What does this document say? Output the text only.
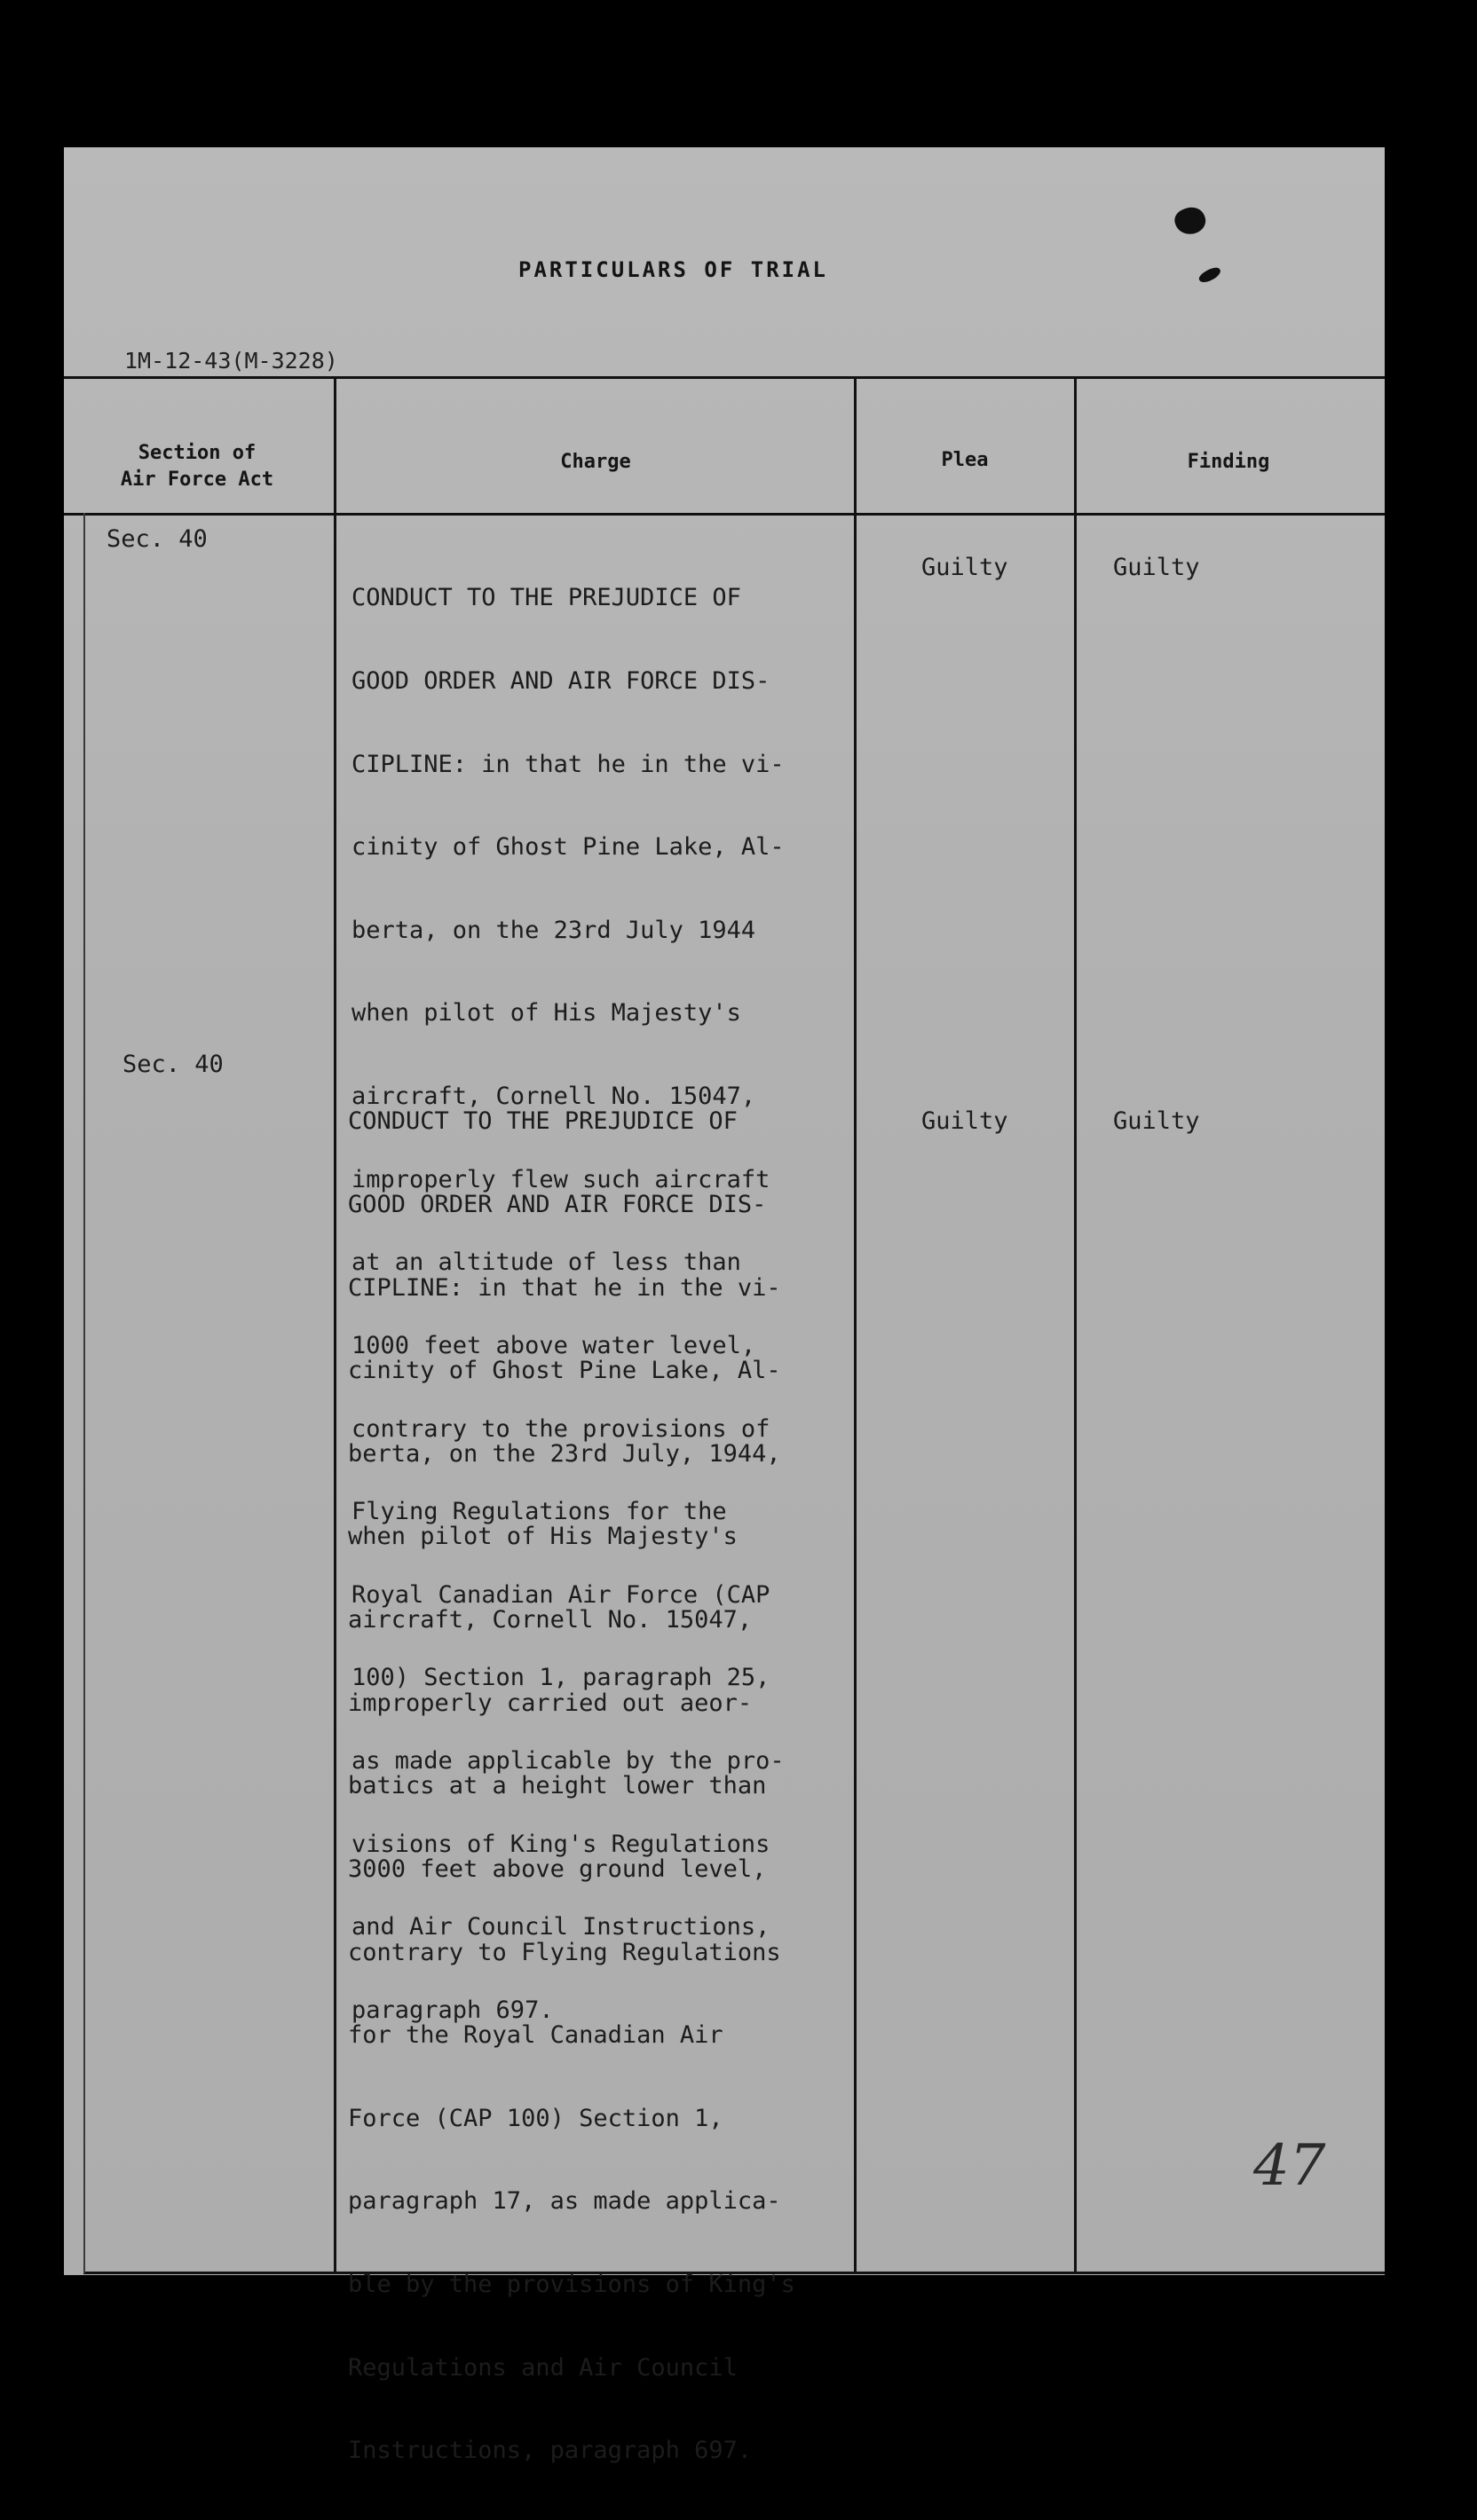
PARTICULARS OF TRIAL
1M-12-43(M-3228)
Section of
Air Force Act
Charge	Plea	Finding
Sec. 40

CONDUCT TO THE PREJUDICE OF

GOOD ORDER AND AIR FORCE DIS-

CIPLINE: in that he in the vi-

cinity of Ghost Pine Lake, Al-

berta, on the 23rd July 1944

when pilot of His Majesty's

aircraft, Cornell No. 15047,

improperly flew such aircraft

at an altitude of less than

1000 feet above water level,

contrary to the provisions of

Flying Regulations for the

Royal Canadian Air Force (CAP

100) Section 1, paragraph 25,

as made applicable by the pro-

visions of King's Regulations

and Air Council Instructions,

paragraph 697.

Guilty	Guilty
Sec. 40

CONDUCT TO THE PREJUDICE OF

GOOD ORDER AND AIR FORCE DIS-

CIPLINE: in that he in the vi-

cinity of Ghost Pine Lake, Al-

berta, on the 23rd July, 1944,

when pilot of His Majesty's

aircraft, Cornell No. 15047,

improperly carried out aeor-

batics at a height lower than

3000 feet above ground level,

contrary to Flying Regulations

for the Royal Canadian Air

Force (CAP 100) Section 1,

paragraph 17, as made applica-

ble by the provisions of King's

Regulations and Air Council

Instructions, paragraph 697.

Guilty	Guilty
47
